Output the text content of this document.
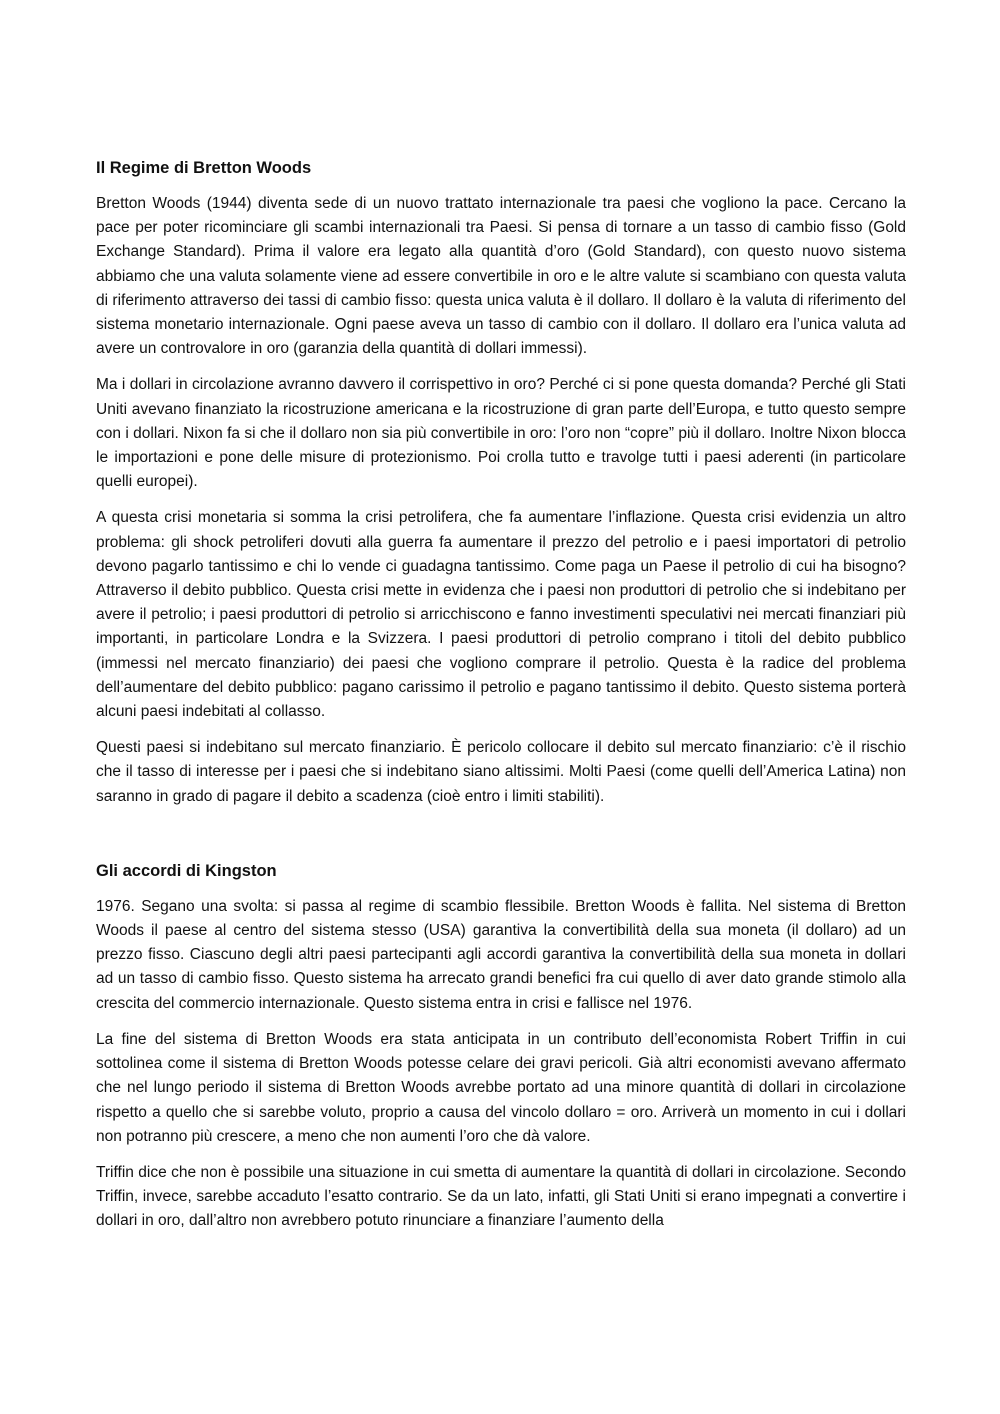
Il Regime di Bretton Woods

Bretton Woods (1944) diventa sede di un nuovo trattato internazionale tra paesi che vogliono la pace. Cercano la pace per poter ricominciare gli scambi internazionali tra Paesi. Si pensa di tornare a un tasso di cambio fisso (Gold Exchange Standard). Prima il valore era legato alla quantità d’oro (Gold Standard), con questo nuovo sistema abbiamo che una valuta solamente viene ad essere convertibile in oro e le altre valute si scambiano con questa valuta di riferimento attraverso dei tassi di cambio fisso: questa unica valuta è il dollaro. Il dollaro è la valuta di riferimento del sistema monetario internazionale. Ogni paese aveva un tasso di cambio con il dollaro. Il dollaro era l’unica valuta ad avere un controvalore in oro (garanzia della quantità di dollari immessi).

Ma i dollari in circolazione avranno davvero il corrispettivo in oro? Perché ci si pone questa domanda? Perché gli Stati Uniti avevano finanziato la ricostruzione americana e la ricostruzione di gran parte dell’Europa, e tutto questo sempre con i dollari. Nixon fa si che il dollaro non sia più convertibile in oro: l’oro non “copre” più il dollaro. Inoltre Nixon blocca le importazioni e pone delle misure di protezionismo. Poi crolla tutto e travolge tutti i paesi aderenti (in particolare quelli europei).

A questa crisi monetaria si somma la crisi petrolifera, che fa aumentare l’inflazione. Questa crisi evidenzia un altro problema: gli shock petroliferi dovuti alla guerra fa aumentare il prezzo del petrolio e i paesi importatori di petrolio devono pagarlo tantissimo e chi lo vende ci guadagna tantissimo. Come paga un Paese il petrolio di cui ha bisogno? Attraverso il debito pubblico. Questa crisi mette in evidenza che i paesi non produttori di petrolio che si indebitano per avere il petrolio; i paesi produttori di petrolio si arricchiscono e fanno investimenti speculativi nei mercati finanziari più importanti, in particolare Londra e la Svizzera. I paesi produttori di petrolio comprano i titoli del debito pubblico (immessi nel mercato finanziario) dei paesi che vogliono comprare il petrolio. Questa è la radice del problema dell’aumentare del debito pubblico: pagano carissimo il petrolio e pagano tantissimo il debito. Questo sistema porterà alcuni paesi indebitati al collasso.

Questi paesi si indebitano sul mercato finanziario. È pericolo collocare il debito sul mercato finanziario: c’è il rischio che il tasso di interesse per i paesi che si indebitano siano altissimi. Molti Paesi (come quelli dell’America Latina) non saranno in grado di pagare il debito a scadenza (cioè entro i limiti stabiliti).

Gli accordi di Kingston

1976. Segano una svolta: si passa al regime di scambio flessibile. Bretton Woods è fallita. Nel sistema di Bretton Woods il paese al centro del sistema stesso (USA) garantiva la convertibilità della sua moneta (il dollaro) ad un prezzo fisso. Ciascuno degli altri paesi partecipanti agli accordi garantiva la convertibilità della sua moneta in dollari ad un tasso di cambio fisso. Questo sistema ha arrecato grandi benefici fra cui quello di aver dato grande stimolo alla crescita del commercio internazionale. Questo sistema entra in crisi e fallisce nel 1976.

La fine del sistema di Bretton Woods era stata anticipata in un contributo dell’economista Robert Triffin in cui sottolinea come il sistema di Bretton Woods potesse celare dei gravi pericoli. Già altri economisti avevano affermato che nel lungo periodo il sistema di Bretton Woods avrebbe portato ad una minore quantità di dollari in circolazione rispetto a quello che si sarebbe voluto, proprio a causa del vincolo dollaro = oro. Arriverà un momento in cui i dollari non potranno più crescere, a meno che non aumenti l’oro che dà valore.

Triffin dice che non è possibile una situazione in cui smetta di aumentare la quantità di dollari in circolazione. Secondo Triffin, invece, sarebbe accaduto l’esatto contrario. Se da un lato, infatti, gli Stati Uniti si erano impegnati a convertire i dollari in oro, dall’altro non avrebbero potuto rinunciare a finanziare l’aumento della
